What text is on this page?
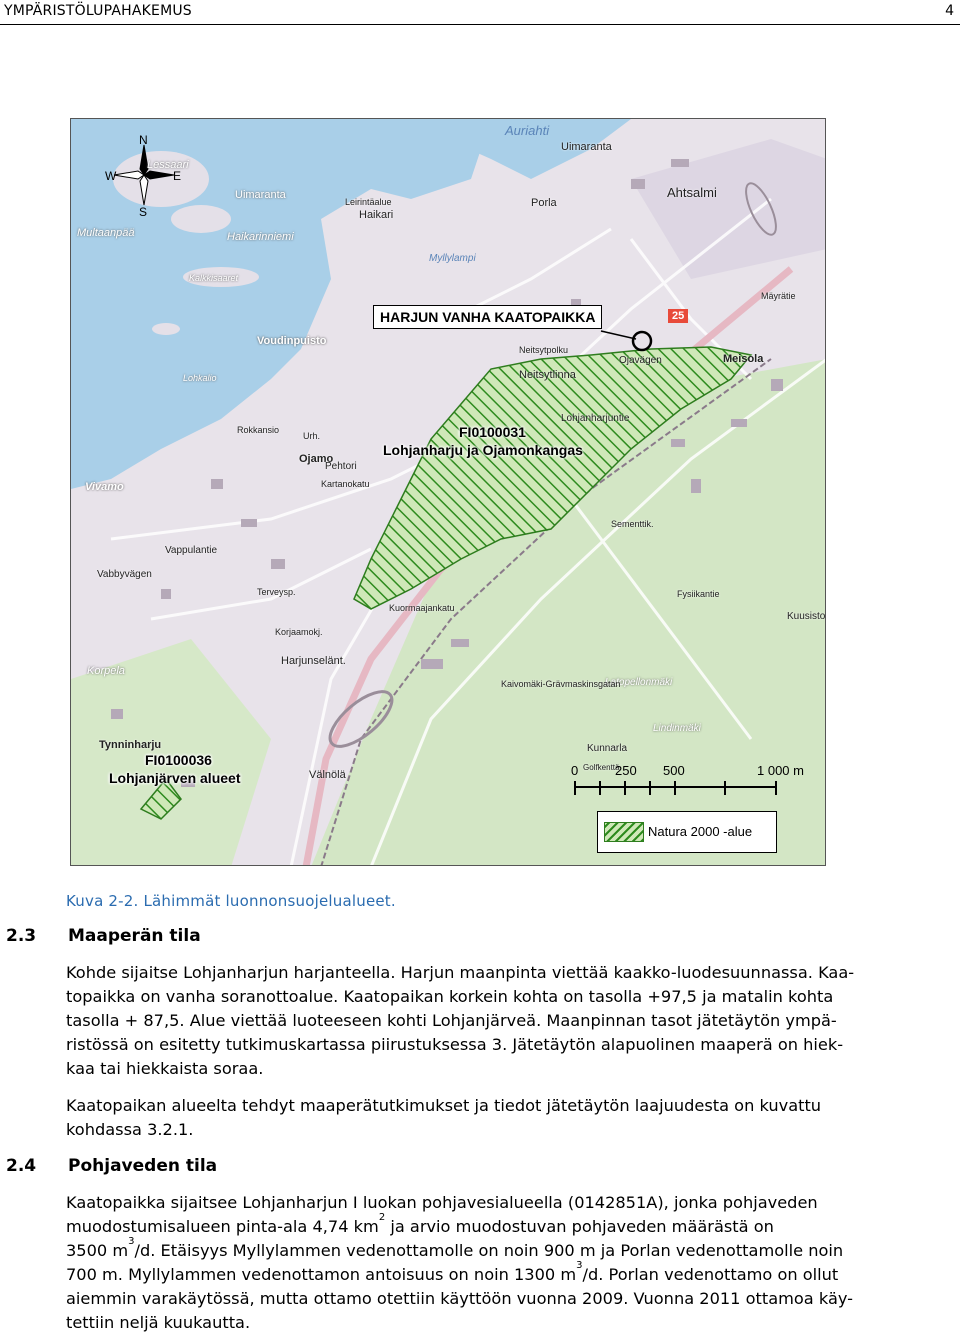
YMPÄRISTÖLUPAHAKEMUS	4
N
S
E
W
Auriahti
Uimaranta
Lessaari
Uimaranta
Leirintäalue
Haikari
Porla
Ahtsalmi
Multaanpää	Haikarinniemi
Kalkkisaaret
Myllylampi
Voudinpuisto
Lohkalio	Neitsytlinna
Meisola
Urh.
Ojamo
Pehtori
Vivamo
Vappulantie
Vabbyvägen
Korpela
Terveysp.
Korjaamokj.
Harjunselänt.
Tynninharju
Välnölä
Kunnarla
Golfkenttä
Lindinmäki
Latopellonmäki
Kuusisto
Kuormaajankatu
Kaivomäki-Grävmaskinsgatan
Rokkansio
Kartanokatu
Sementtik.
Fysiikantie
Lohjanharjuntie
Ojavägen
Neitsytpolku
Mäyrätie
HARJUN VANHA KAATOPAIKKA	25
FI0100031
Lohjanharju ja Ojamonkangas
FI0100036
Lohjanjärven alueet	0	250 500	1 000 m
Natura 2000 -alue
Kuva 2-2. Lähimmät luonnonsuojelualueet.
2.3 Maaperän tila
Kohde sijaitse Lohjanharjun harjanteella. Harjun maanpinta viettää kaakko-luodesuunnassa. Kaa-
topaikka on vanha soranottoalue. Kaatopaikan korkein kohta on tasolla +97,5 ja matalin kohta
tasolla + 87,5. Alue viettää luoteeseen kohti Lohjanjärveä. Maanpinnan tasot jätetäytön ympä-
ristössä on esitetty tutkimuskartassa piirustuksessa 3. Jätetäytön alapuolinen maaperä on hiek-
kaa tai hiekkaista soraa.
Kaatopaikan alueelta tehdyt maaperätutkimukset ja tiedot jätetäytön laajuudesta on kuvattu
kohdassa 3.2.1.
2.4 Pohjaveden tila
Kaatopaikka sijaitsee Lohjanharjun I luokan pohjavesialueella (0142851A), jonka pohjaveden
muodostumisalueen pinta-ala 4,74 $km^2$ ja arvio muodostuvan pohjaveden määrästä on
3500 $m^3/d$. Etäisyys Myllylammen vedenottamolle on noin 900 m ja Porlan vedenottamolle noin
700 m. Myllylammen vedenottamon antoisuus on noin 1300 $m^3/d$. Porlan vedenottamo on ollut
aiemmin varakäytössä, mutta ottamo otettiin käyttöön vuonna 2009. Vuonna 2011 ottamoa käy-
tettiin neljä kuukautta.
